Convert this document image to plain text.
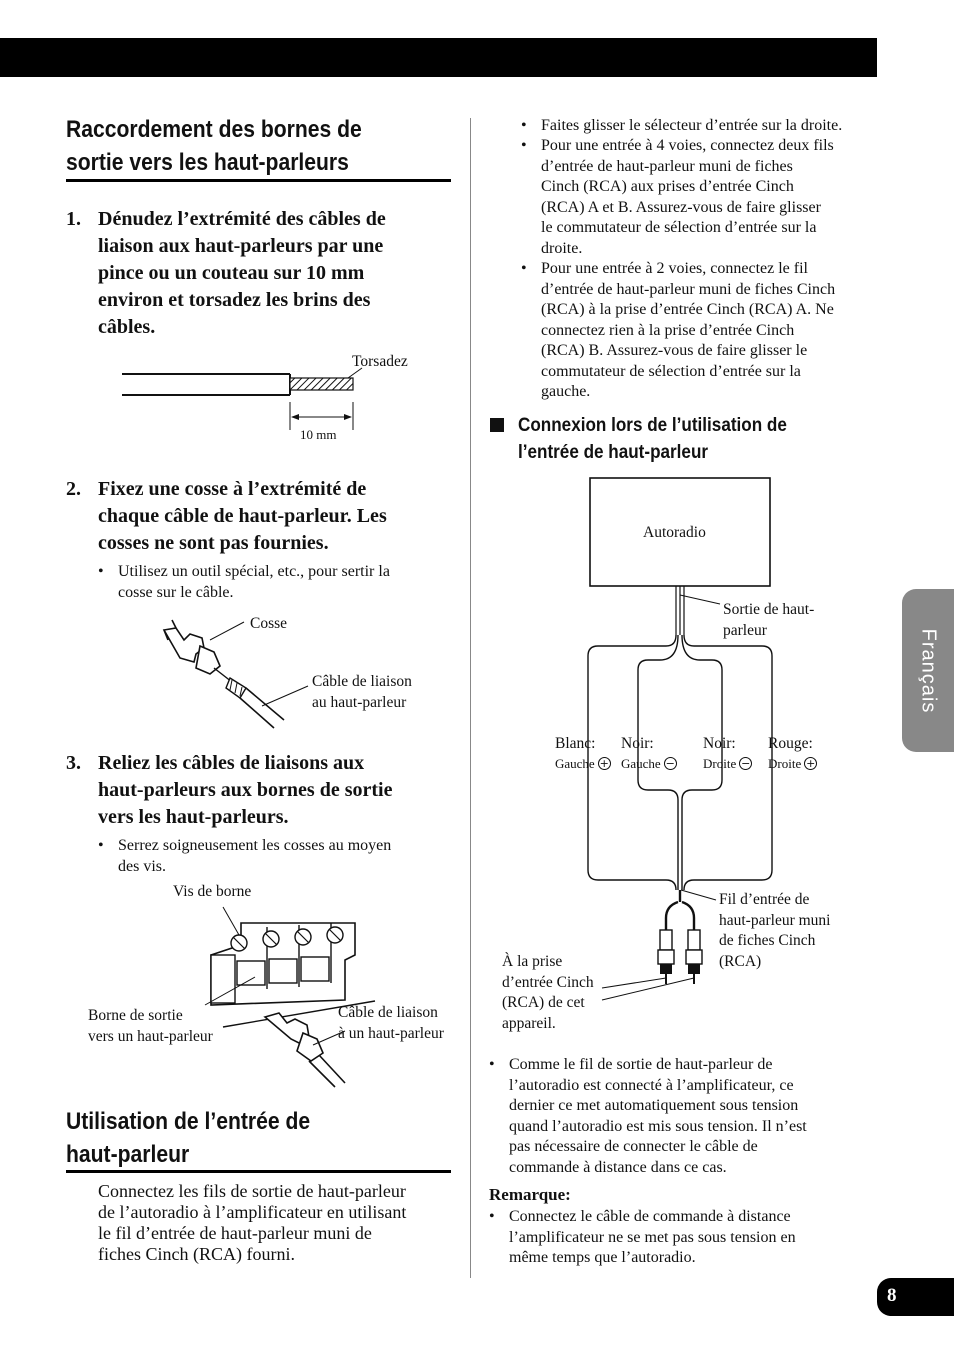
Français
8
Raccordement des bornes de
sortie vers les haut-parleurs
1. Dénudez l’extrémité des câbles de
liaison aux haut-parleurs par une
pince ou un couteau sur 10 mm
environ et torsadez les brins des
câbles.
Torsadez
10 mm
2. Fixez une cosse à l’extrémité de
chaque câble de haut-parleur. Les
cosses ne sont pas fournies.
• Utilisez un outil spécial, etc., pour sertir la
cosse sur le câble.
Cosse
Câble de liaison
au haut-parleur
3. Reliez les câbles de liaisons aux
haut-parleurs aux bornes de sortie
vers les haut-parleurs.
• Serrez soigneusement les cosses au moyen
des vis.
Vis de borne
Borne de sortie
vers un haut-parleur
Câble de liaison
à un haut-parleur
Utilisation de l’entrée de
haut-parleur
Connectez les fils de sortie de haut-parleur
de l’autoradio à l’amplificateur en utilisant
le fil d’entrée de haut-parleur muni de
fiches Cinch (RCA) fourni.
• Faites glisser le sélecteur d’entrée sur la droite.
• Pour une entrée à 4 voies, connectez deux fils
d’entrée de haut-parleur muni de fiches
Cinch (RCA) aux prises d’entrée Cinch
(RCA) A et B. Assurez-vous de faire glisser
le commutateur de sélection d’entrée sur la
droite.
• Pour une entrée à 2 voies, connectez le fil
d’entrée de haut-parleur muni de fiches Cinch
(RCA) à la prise d’entrée Cinch (RCA) A. Ne
connectez rien à la prise d’entrée Cinch
(RCA) B. Assurez-vous de faire glisser le
commutateur de sélection d’entrée sur la
gauche.
Connexion lors de l’utilisation de
l’entrée de haut-parleur
Autoradio
Sortie de haut-
parleur
Blanc:
Gauche +
Noir:
Gauche −
Noir:
Droite −
Rouge:
Droite +
Fil d’entrée de
haut-parleur muni
de fiches Cinch
(RCA)
À la prise
d’entrée Cinch
(RCA) de cet
appareil.
• Comme le fil de sortie de haut-parleur de
l’autoradio est connecté à l’amplificateur, ce
dernier ce met automatiquement sous tension
quand l’autoradio est mis sous tension. Il n’est
pas nécessaire de connecter le câble de
commande à distance dans ce cas.
Remarque:
• Connectez le câble de commande à distance
l’amplificateur ne se met pas sous tension en
même temps que l’autoradio.
